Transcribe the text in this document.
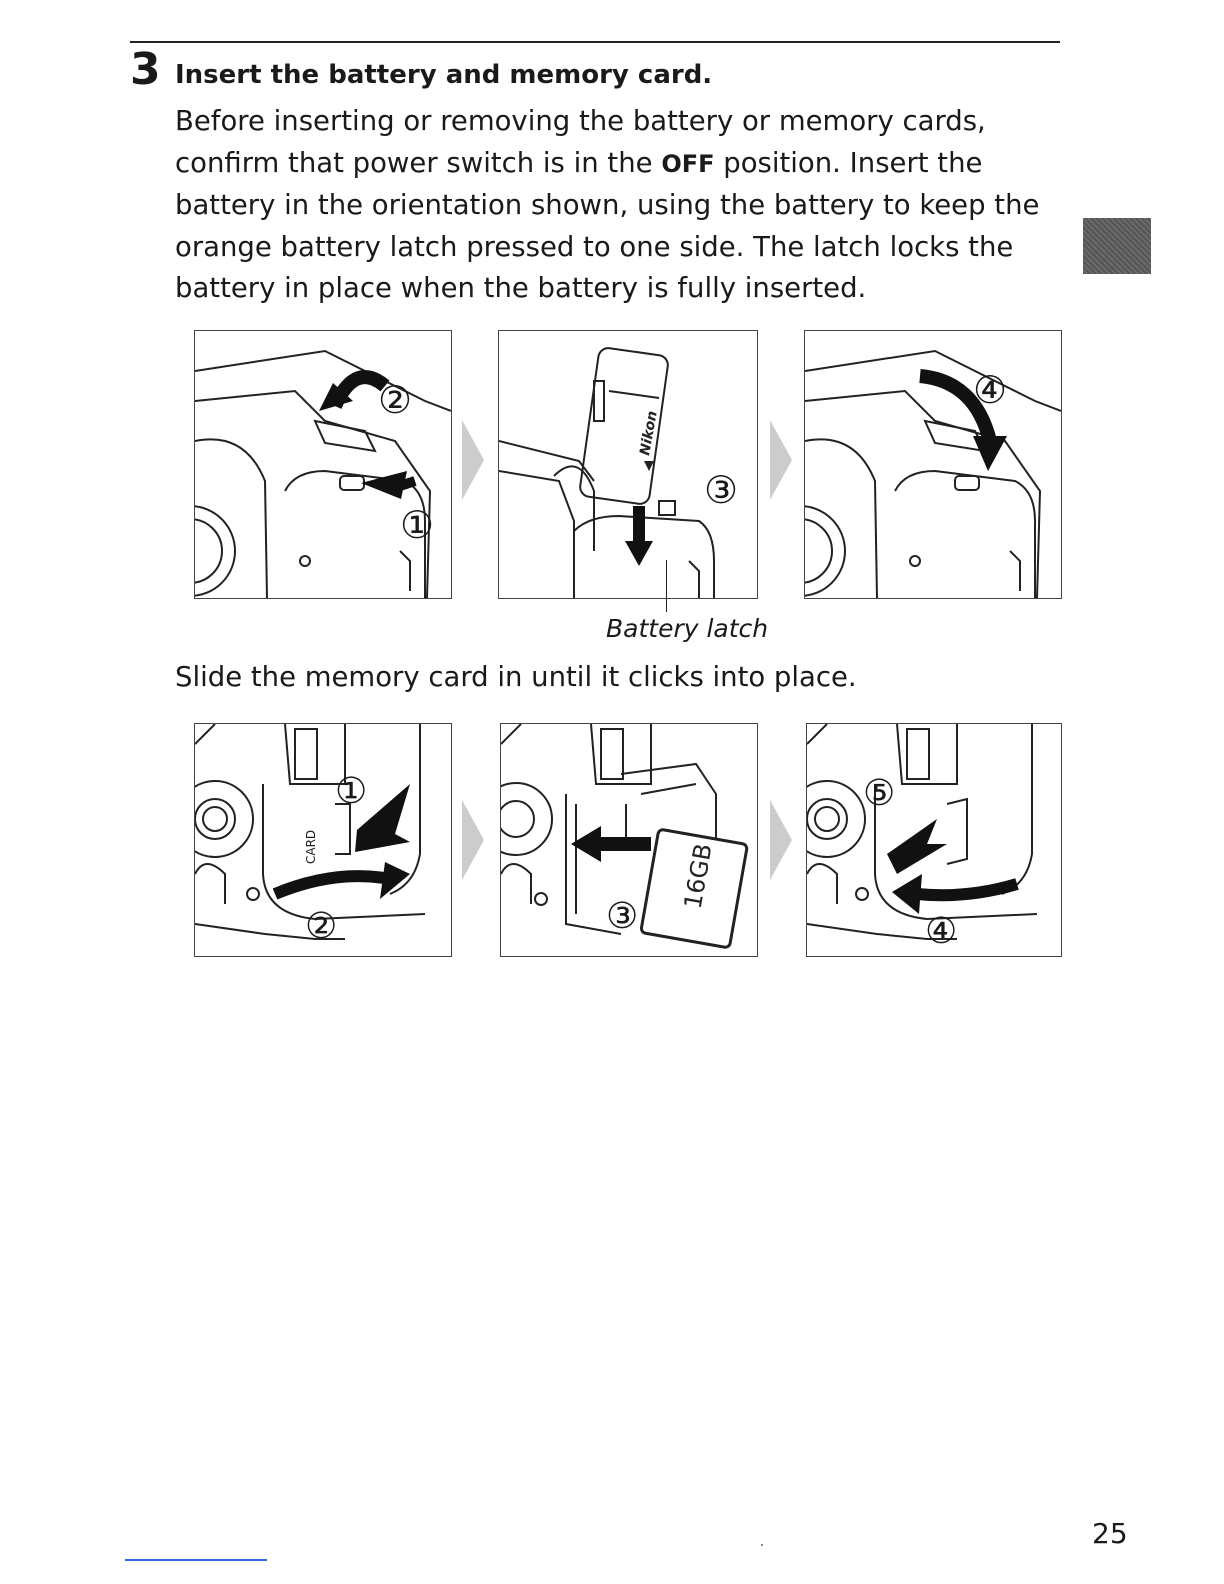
3 Insert the battery and memory card.
Before inserting or removing the battery or memory cards, confirm that power switch is in the OFF position. Insert the battery in the orientation shown, using the battery to keep the orange battery latch pressed to one side. The latch locks the battery in place when the battery is fully inserted.
②
①
Nikon
③
④
Battery latch
Slide the memory card in until it clicks into place.
CARD
①
②
16GB
③
⑤
④
25
